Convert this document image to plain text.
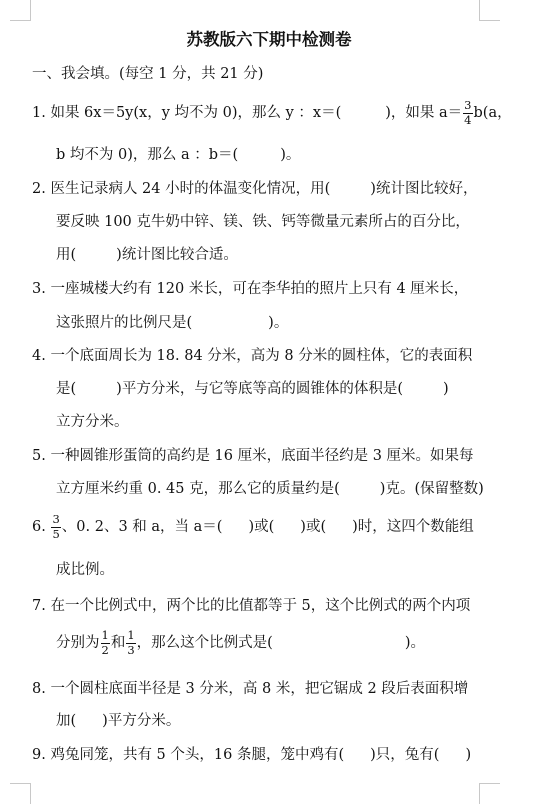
苏教版六下期中检测卷
一、我会填。(每空 1 分，共 21 分)
1. 如果 6x＝5y(x，y 均不为 0)，那么 y ：x＝(	)，如果 $a= \frac{3}{4} b(a$，
b 均不为 0)，那么 a ：b＝(	)。
2. 医生记录病人 24 小时的体温变化情况，用(	)统计图比较好，
要反映 100 克牛奶中锌、镁、铁、钙等微量元素所占的百分比，
用(	)统计图比较合适。
3. 一座城楼大约有 120 米长，可在李华拍的照片上只有 4 厘米长，
这张照片的比例尺是(	)。
4. 一个底面周长为 18. 84 分米，高为 8 分米的圆柱体，它的表面积
是(	)平方分米，与它等底等高的圆锥体的体积是(	)
立方分米。
5. 一种圆锥形蛋筒的高约是 16 厘米，底面半径约是 3 厘米。如果每
立方厘米约重 0. 45 克，那么它的质量约是(	)克。(保留整数)
6. $\frac{3}{5}$ 、0. 2、3 和 a，当 a＝( )或( )或( )时，这四个数能组
成比例。
7. 在一个比例式中，两个比的比值都等于 5，这个比例式的两个内项
分别为 $\frac{1}{2}$ 和 $\frac{1}{3}$ ，那么这个比例式是(	)。
8. 一个圆柱底面半径是 3 分米，高 8 米，把它锯成 2 段后表面积增
加( )平方分米。
9. 鸡兔同笼，共有 5 个头，16 条腿，笼中鸡有( )只，兔有( )
